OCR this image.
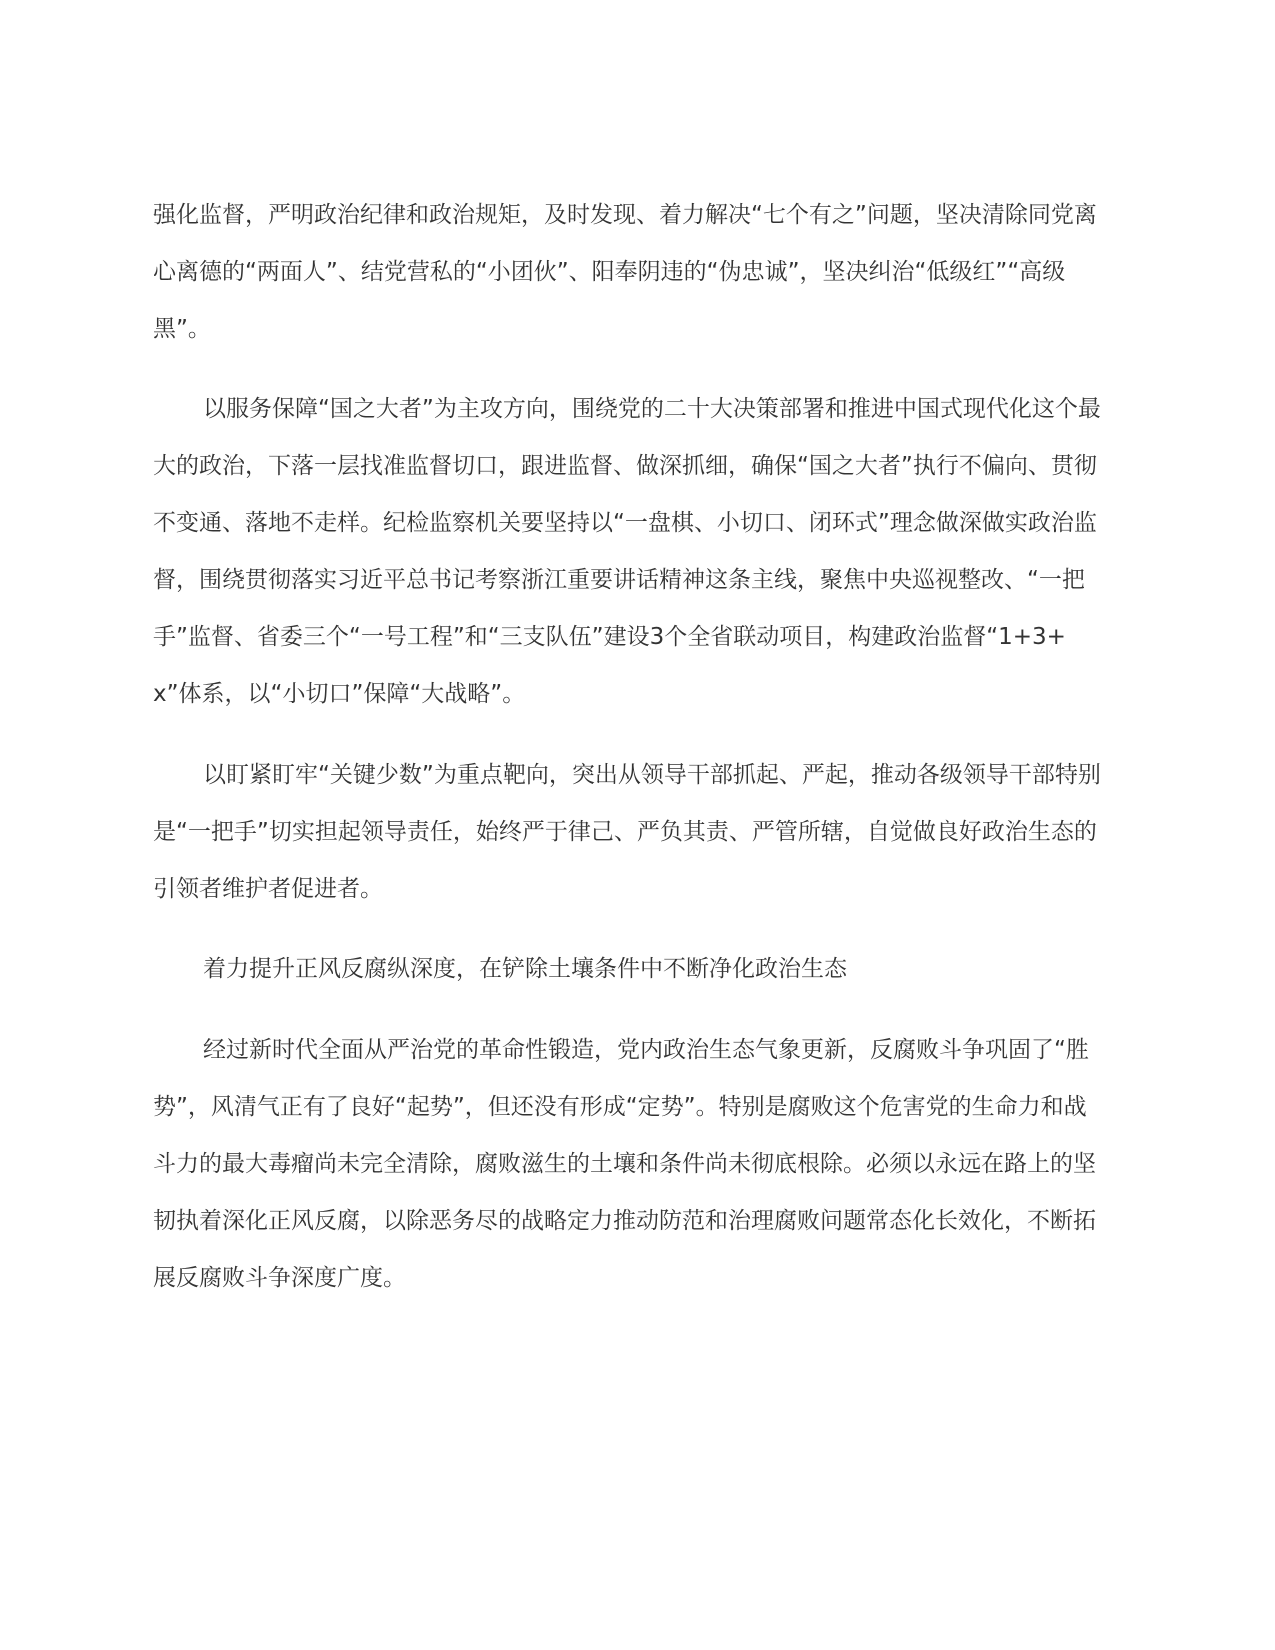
强化监督，严明政治纪律和政治规矩，及时发现、着力解决“七个有之”问题，坚决清除同党离心离德的“两面人”、结党营私的“小团伙”、阳奉阴违的“伪忠诚”，坚决纠治“低级红”“高级黑”。

以服务保障“国之大者”为主攻方向，围绕党的二十大决策部署和推进中国式现代化这个最大的政治，下落一层找准监督切口，跟进监督、做深抓细，确保“国之大者”执行不偏向、贯彻不变通、落地不走样。纪检监察机关要坚持以“一盘棋、小切口、闭环式”理念做深做实政治监督，围绕贯彻落实习近平总书记考察浙江重要讲话精神这条主线，聚焦中央巡视整改、“一把手”监督、省委三个“一号工程”和“三支队伍”建设3个全省联动项目，构建政治监督“1+3+x”体系，以“小切口”保障“大战略”。

以盯紧盯牢“关键少数”为重点靶向，突出从领导干部抓起、严起，推动各级领导干部特别是“一把手”切实担起领导责任，始终严于律己、严负其责、严管所辖，自觉做良好政治生态的引领者维护者促进者。

着力提升正风反腐纵深度，在铲除土壤条件中不断净化政治生态

经过新时代全面从严治党的革命性锻造，党内政治生态气象更新，反腐败斗争巩固了“胜势”，风清气正有了良好“起势”，但还没有形成“定势”。特别是腐败这个危害党的生命力和战斗力的最大毒瘤尚未完全清除，腐败滋生的土壤和条件尚未彻底根除。必须以永远在路上的坚韧执着深化正风反腐，以除恶务尽的战略定力推动防范和治理腐败问题常态化长效化，不断拓展反腐败斗争深度广度。
